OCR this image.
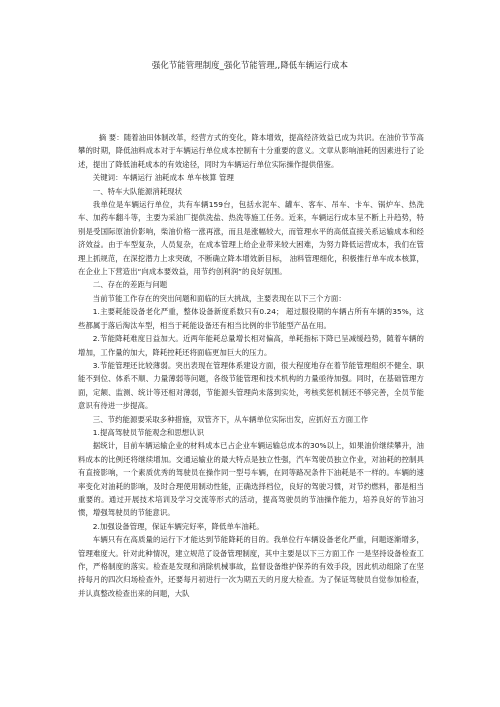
强化节能管理制度_强化节能管理,,降低车辆运行成本

摘 要：随着油田体制改革，经营方式的变化，降本增效，提高经济效益已成为共识。在油价节节高攀的时期，降低油料成本对于车辆运行单位成本控制有十分重要的意义。文章从影响油耗的因素进行了论述，提出了降低油耗成本的有效途径，同时为车辆运行单位实际操作提供借鉴。

关键词：车辆运行 油耗成本 单车核算 管理

一、特车大队能源消耗现状

我单位是车辆运行单位，共有车辆159台，包括水泥车、罐车、客车、吊车、卡车、锅炉车、热洗车、加药车翻斗等，主要为采油厂提供洗盐、热洗等施工任务。近来，车辆运行成本呈不断上升趋势，特别是受国际原油价影响，柴油价格一涨再涨，而且是涨幅较大，而管理水平的高低直接关系运输成本和经济效益。由于车型复杂，人员复杂，在成本管理上给企业带来较大困难，为努力降低运营成本，我们在管理上抓规范，在深挖潜力上求突破，不断确立降本增效新目标， 油料管理细化，积极推行单车成本核算，在企业上下营造出“向成本要效益，用节约创利润”的良好氛围。

二、存在的差距与问题

当前节能工作存在的突出问题和面临的巨大挑战，主要表现在以下三个方面：

1.主要耗能设备老化严重，整体设备新度系数只有0.24； 超过服役期的车辆占所有车辆的35%，这些都属于落后淘汰车型，相当于耗能设备还有相当比例的非节能型产品在用。

2.节能降耗难度日益加大。近两年能耗总量增长相对偏高，单耗指标下降已呈减缓趋势，随着车辆的增加，工作量的加大，降耗控耗还将面临更加巨大的压力。

3.节能管理还比较薄弱。突出表现在管理体系建设方面，很大程度地存在着节能管理组织不健全、职能不到位、体系不顺、力量薄弱等问题，各级节能管理和技术机构的力量亟待加强。同时，在基础管理方面，定额、监测、统计等还相对薄弱，节能源头管理尚未落到实处，考核奖惩机制还不够完善，全员节能意识有待进一步提高。

三、节约能源要采取多种措施，双管齐下，从车辆单位实际出发，应抓好五方面工作

1.提高驾驶员节能观念和思想认识

据统计，目前车辆运输企业的材料成本已占企业车辆运输总成本的30%以上，如果油价继续攀升，油料成本的比例还将继续增加。交通运输业的最大特点是独立性强，汽车驾驶员独立作业，对油耗的控制具有直接影响，一个素质优秀的驾驶员在操作同一型号车辆，在同等路况条件下油耗是不一样的。车辆的速率变化对油耗的影响，及时合理使用制动性能，正确选择档位，良好的驾驶习惯，对节约燃料，都是相当重要的。通过开展技术培训及学习交流等形式的活动，提高驾驶员的节油操作能力，培养良好的节油习惯，增强驾驶员的节能意识。

2.加强设备管理，保证车辆完好率，降低单车油耗。

车辆只有在高质量的运行下才能达到节能降耗的目的。我单位行车辆设备老化严重，问题逐渐增多，管理难度大。针对此种情况，建立规范了设备管理制度，其中主要是以下三方面工作 一是坚持设备检查工作，严格制度的落实。检查是发现和消除机械事故，监督设备维护保养的有效手段，因此机动组除了在坚持每月的四次归场检查外，还要每月初进行一次为期五天的月度大检查。为了保证驾驶员自觉参加检查，并认真整改检查出来的问题，大队
